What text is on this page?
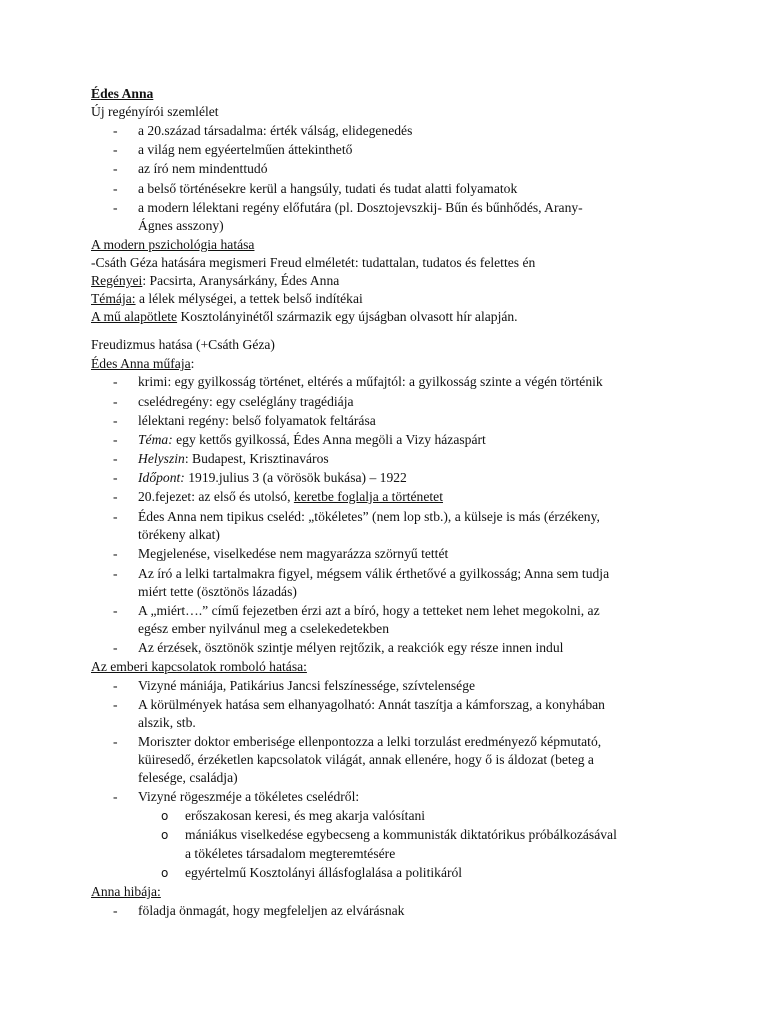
Édes Anna
Új regényírói szemlélet
- a 20.század társadalma: érték válság, elidegenedés
- a világ nem egyéertelműen áttekinthető
- az író nem mindenttudó
- a belső történésekre kerül a hangsúly, tudati és tudat alatti folyamatok
- a modern lélektani regény előfutára (pl. Dosztojevszkij- Bűn és bűnhődés, Arany-
Ágnes asszony)
A modern pszichológia hatása
-Csáth Géza hatására megismeri Freud elméletét: tudattalan, tudatos és felettes én
Regényei: Pacsirta, Aranysárkány, Édes Anna
Témája: a lélek mélységei, a tettek belső indítékai
A mű alapötlete Kosztolányinétől származik egy újságban olvasott hír alapján.
Freudizmus hatása (+Csáth Géza)
Édes Anna műfaja:
- krimi: egy gyilkosság történet, eltérés a műfajtól: a gyilkosság szinte a végén történik
- cselédregény: egy cseléglány tragédiája
- lélektani regény: belső folyamatok feltárása
- Téma: egy kettős gyilkossá, Édes Anna megöli a Vizy házaspárt
- Helyszin: Budapest, Krisztinaváros
- Időpont: 1919.julius 3 (a vörösök bukása) – 1922
- 20.fejezet: az első és utolsó, keretbe foglalja a történetet
- Édes Anna nem tipikus cseléd: „tökéletes” (nem lop stb.), a külseje is más (érzékeny,
törékeny alkat)
- Megjelenése, viselkedése nem magyarázza szörnyű tettét
- Az író a lelki tartalmakra figyel, mégsem válik érthetővé a gyilkosság; Anna sem tudja
miért tette (ösztönös lázadás)
- A „miért….” című fejezetben érzi azt a bíró, hogy a tetteket nem lehet megokolni, az
egész ember nyilvánul meg a cselekedetekben
- Az érzések, ösztönök szintje mélyen rejtőzik, a reakciók egy része innen indul
Az emberi kapcsolatok romboló hatása:
- Vizyné mániája, Patikárius Jancsi felszínessége, szívtelensége
- A körülmények hatása sem elhanyagolható: Annát taszítja a kámforszag, a konyhában
alszik, stb.
- Moriszter doktor emberisége ellenpontozza a lelki torzulást eredményező képmutató,
küiresedő, érzéketlen kapcsolatok világát, annak ellenére, hogy ő is áldozat (beteg a
felesége, családja)
- Vizyné rögeszméje a tökéletes cselédről:
o erőszakosan keresi, és meg akarja valósítani
o mániákus viselkedése egybecseng a kommunisták diktatórikus próbálkozásával
a tökéletes társadalom megteremtésére
o egyértelmű Kosztolányi állásfoglalása a politikáról
Anna hibája:
- föladja önmagát, hogy megfeleljen az elvárásnak
